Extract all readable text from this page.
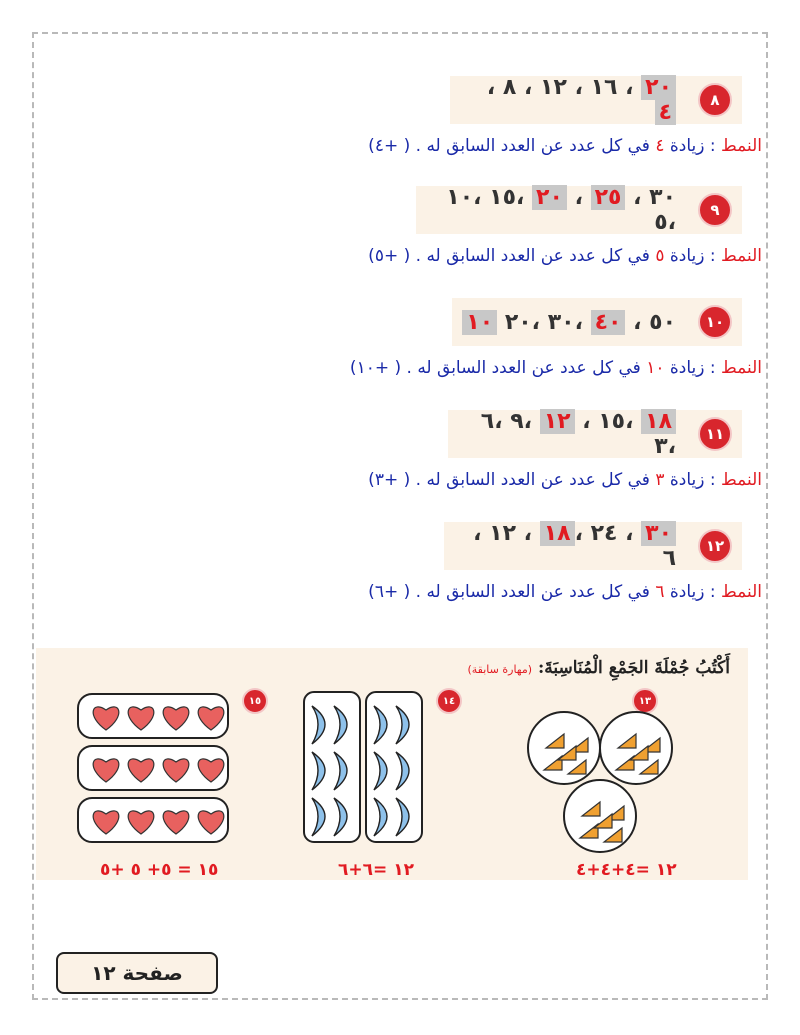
٨
٢٠ ، ١٦ ، ١٢ ، ٨ ، ٤
النمط : زيادة ٤ في كل عدد عن العدد السابق له . ( +٤)
٩
٣٠ ، ٢٥ ، ٢٠ ،١٥ ،١٠ ،٥
النمط : زيادة ٥ في كل عدد عن العدد السابق له . ( +٥)
١٠
٥٠ ، ٤٠ ،٣٠ ،٢٠ ١٠
النمط : زيادة ١٠ في كل عدد عن العدد السابق له . ( +١٠)
١١
١٨ ،١٥ ، ١٢ ،٩ ،٦ ،٣
النمط : زيادة ٣ في كل عدد عن العدد السابق له . ( +٣)
١٢
٣٠ ، ٢٤ ،١٨ ، ١٢ ، ٦
النمط : زيادة ٦ في كل عدد عن العدد السابق له . ( +٦)
أَكْتُبُ جُمْلَةَ الجَمْعِ الْمُنَاسِبَةَ: (مهارة سابقة)
١٣
١٢ =٤+٤+٤
١٤
١٢ =٦+٦
١٥
١٥ = ٥+ ٥ +٥
صفحة ١٢
